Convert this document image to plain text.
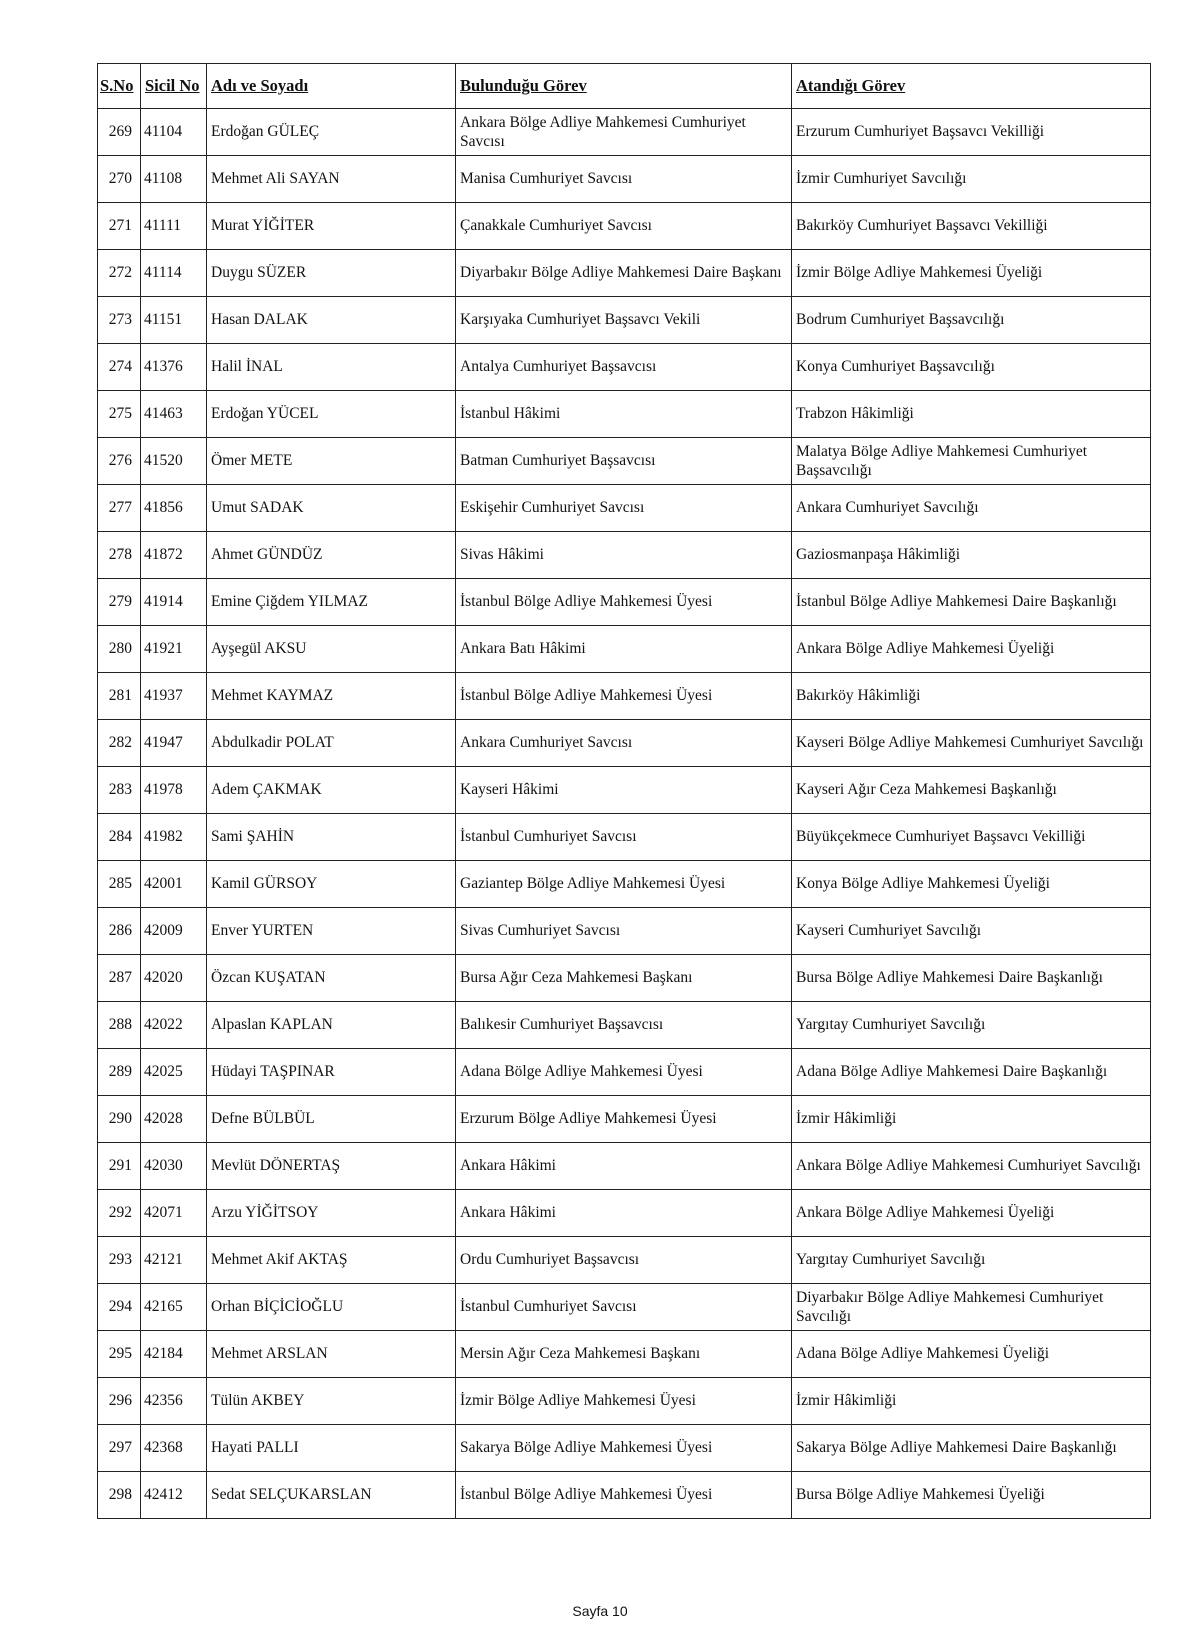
S.No	Sicil No	Adı ve Soyadı	Bulunduğu Görev	Atandığı Görev
269	41104	Erdoğan GÜLEÇ	Ankara Bölge Adliye Mahkemesi Cumhuriyet Savcısı	Erzurum Cumhuriyet Başsavcı Vekilliği
270	41108	Mehmet Ali SAYAN	Manisa Cumhuriyet Savcısı	İzmir Cumhuriyet Savcılığı
271	41111	Murat YİĞİTER	Çanakkale Cumhuriyet Savcısı	Bakırköy Cumhuriyet Başsavcı Vekilliği
272	41114	Duygu SÜZER	Diyarbakır Bölge Adliye Mahkemesi Daire Başkanı	İzmir Bölge Adliye Mahkemesi Üyeliği
273	41151	Hasan DALAK	Karşıyaka Cumhuriyet Başsavcı Vekili	Bodrum Cumhuriyet Başsavcılığı
274	41376	Halil İNAL	Antalya Cumhuriyet Başsavcısı	Konya Cumhuriyet Başsavcılığı
275	41463	Erdoğan YÜCEL	İstanbul Hâkimi	Trabzon Hâkimliği
276	41520	Ömer METE	Batman Cumhuriyet Başsavcısı	Malatya Bölge Adliye Mahkemesi Cumhuriyet Başsavcılığı
277	41856	Umut SADAK	Eskişehir Cumhuriyet Savcısı	Ankara Cumhuriyet Savcılığı
278	41872	Ahmet GÜNDÜZ	Sivas Hâkimi	Gaziosmanpaşa Hâkimliği
279	41914	Emine Çiğdem YILMAZ	İstanbul Bölge Adliye Mahkemesi Üyesi	İstanbul Bölge Adliye Mahkemesi Daire Başkanlığı
280	41921	Ayşegül AKSU	Ankara Batı Hâkimi	Ankara Bölge Adliye Mahkemesi Üyeliği
281	41937	Mehmet KAYMAZ	İstanbul Bölge Adliye Mahkemesi Üyesi	Bakırköy Hâkimliği
282	41947	Abdulkadir POLAT	Ankara Cumhuriyet Savcısı	Kayseri Bölge Adliye Mahkemesi Cumhuriyet Savcılığı
283	41978	Adem ÇAKMAK	Kayseri Hâkimi	Kayseri Ağır Ceza Mahkemesi Başkanlığı
284	41982	Sami ŞAHİN	İstanbul Cumhuriyet Savcısı	Büyükçekmece Cumhuriyet Başsavcı Vekilliği
285	42001	Kamil GÜRSOY	Gaziantep Bölge Adliye Mahkemesi Üyesi	Konya Bölge Adliye Mahkemesi Üyeliği
286	42009	Enver YURTEN	Sivas Cumhuriyet Savcısı	Kayseri Cumhuriyet Savcılığı
287	42020	Özcan KUŞATAN	Bursa Ağır Ceza Mahkemesi Başkanı	Bursa Bölge Adliye Mahkemesi Daire Başkanlığı
288	42022	Alpaslan KAPLAN	Balıkesir Cumhuriyet Başsavcısı	Yargıtay Cumhuriyet Savcılığı
289	42025	Hüdayi TAŞPINAR	Adana Bölge Adliye Mahkemesi Üyesi	Adana Bölge Adliye Mahkemesi Daire Başkanlığı
290	42028	Defne BÜLBÜL	Erzurum Bölge Adliye Mahkemesi Üyesi	İzmir Hâkimliği
291	42030	Mevlüt DÖNERTAŞ	Ankara Hâkimi	Ankara Bölge Adliye Mahkemesi Cumhuriyet Savcılığı
292	42071	Arzu YİĞİTSOY	Ankara Hâkimi	Ankara Bölge Adliye Mahkemesi Üyeliği
293	42121	Mehmet Akif AKTAŞ	Ordu Cumhuriyet Başsavcısı	Yargıtay Cumhuriyet Savcılığı
294	42165	Orhan BİÇİCİOĞLU	İstanbul Cumhuriyet Savcısı	Diyarbakır Bölge Adliye Mahkemesi Cumhuriyet Savcılığı
295	42184	Mehmet ARSLAN	Mersin Ağır Ceza Mahkemesi Başkanı	Adana Bölge Adliye Mahkemesi Üyeliği
296	42356	Tülün AKBEY	İzmir Bölge Adliye Mahkemesi Üyesi	İzmir Hâkimliği
297	42368	Hayati PALLI	Sakarya Bölge Adliye Mahkemesi Üyesi	Sakarya Bölge Adliye Mahkemesi Daire Başkanlığı
298	42412	Sedat SELÇUKARSLAN	İstanbul Bölge Adliye Mahkemesi Üyesi	Bursa Bölge Adliye Mahkemesi Üyeliği
Sayfa 10
